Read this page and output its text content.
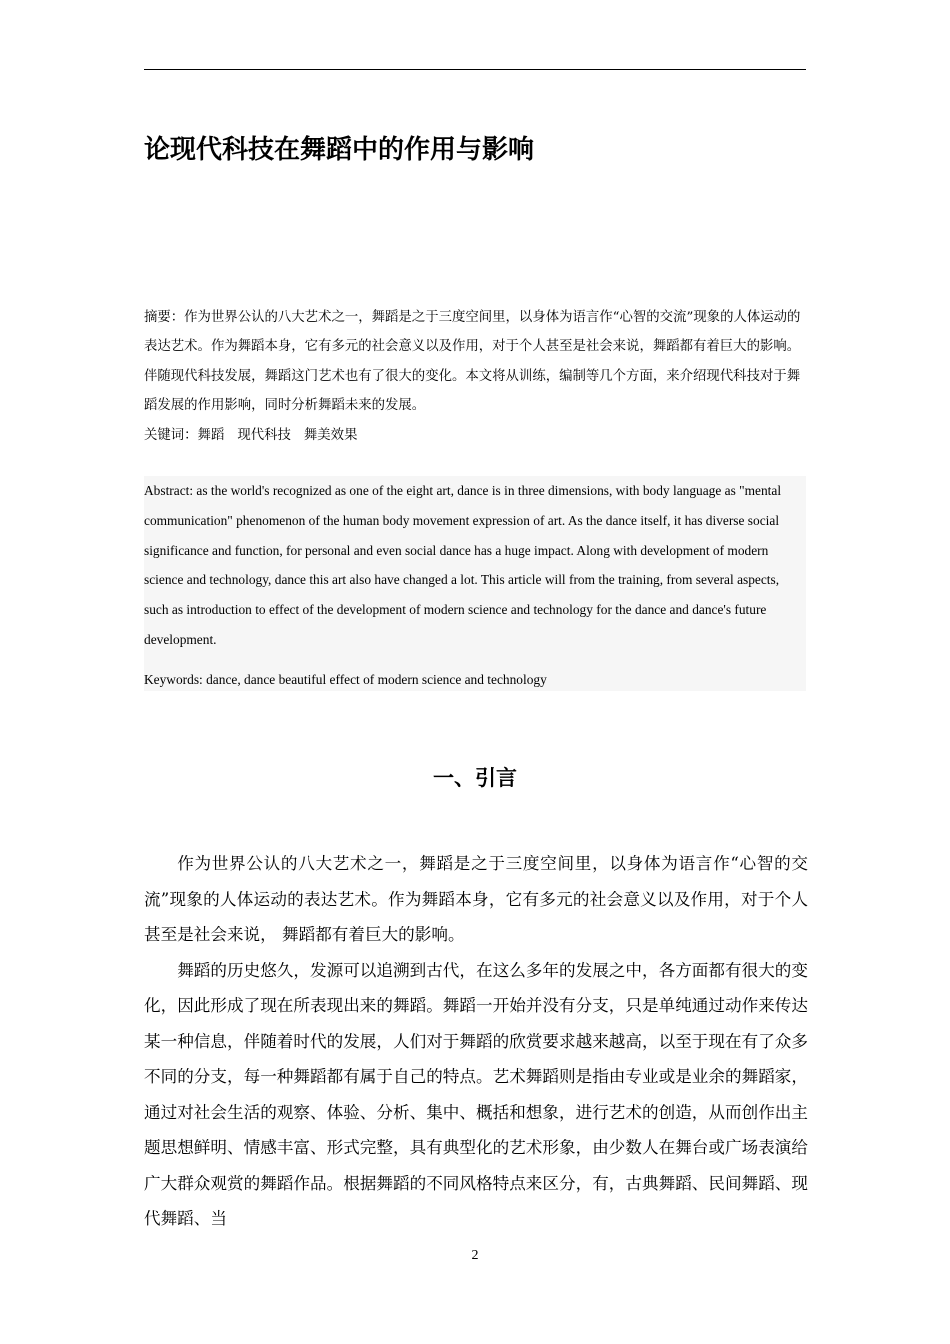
论现代科技在舞蹈中的作用与影响

摘要：作为世界公认的八大艺术之一，舞蹈是之于三度空间里，以身体为语言作“心智的交流”现象的人体运动的表达艺术。作为舞蹈本身，它有多元的社会意义以及作用，对于个人甚至是社会来说，舞蹈都有着巨大的影响。伴随现代科技发展，舞蹈这门艺术也有了很大的变化。本文将从训练，编制等几个方面，来介绍现代科技对于舞蹈发展的作用影响，同时分析舞蹈未来的发展。

关键词：舞蹈 现代科技 舞美效果

Abstract: as the world's recognized as one of the eight art, dance is in three dimensions, with body language as "mental communication" phenomenon of the human body movement expression of art. As the dance itself, it has diverse social significance and function, for personal and even social dance has a huge impact. Along with development of modern science and technology, dance this art also have changed a lot. This article will from the training, from several aspects, such as introduction to effect of the development of modern science and technology for the dance and dance's future development.

Keywords: dance, dance beautiful effect of modern science and technology

一、引言

作为世界公认的八大艺术之一，舞蹈是之于三度空间里，以身体为语言作“心智的交流”现象的人体运动的表达艺术。作为舞蹈本身，它有多元的社会意义以及作用，对于个人甚至是社会来说， 舞蹈都有着巨大的影响。

舞蹈的历史悠久，发源可以追溯到古代，在这么多年的发展之中，各方面都有很大的变化，因此形成了现在所表现出来的舞蹈。舞蹈一开始并没有分支，只是单纯通过动作来传达某一种信息，伴随着时代的发展，人们对于舞蹈的欣赏要求越来越高，以至于现在有了众多不同的分支，每一种舞蹈都有属于自己的特点。艺术舞蹈则是指由专业或是业余的舞蹈家，通过对社会生活的观察、体验、分析、集中、概括和想象，进行艺术的创造，从而创作出主题思想鲜明、情感丰富、形式完整，具有典型化的艺术形象，由少数人在舞台或广场表演给广大群众观赏的舞蹈作品。根据舞蹈的不同风格特点来区分，有，古典舞蹈、民间舞蹈、现代舞蹈、当

2
